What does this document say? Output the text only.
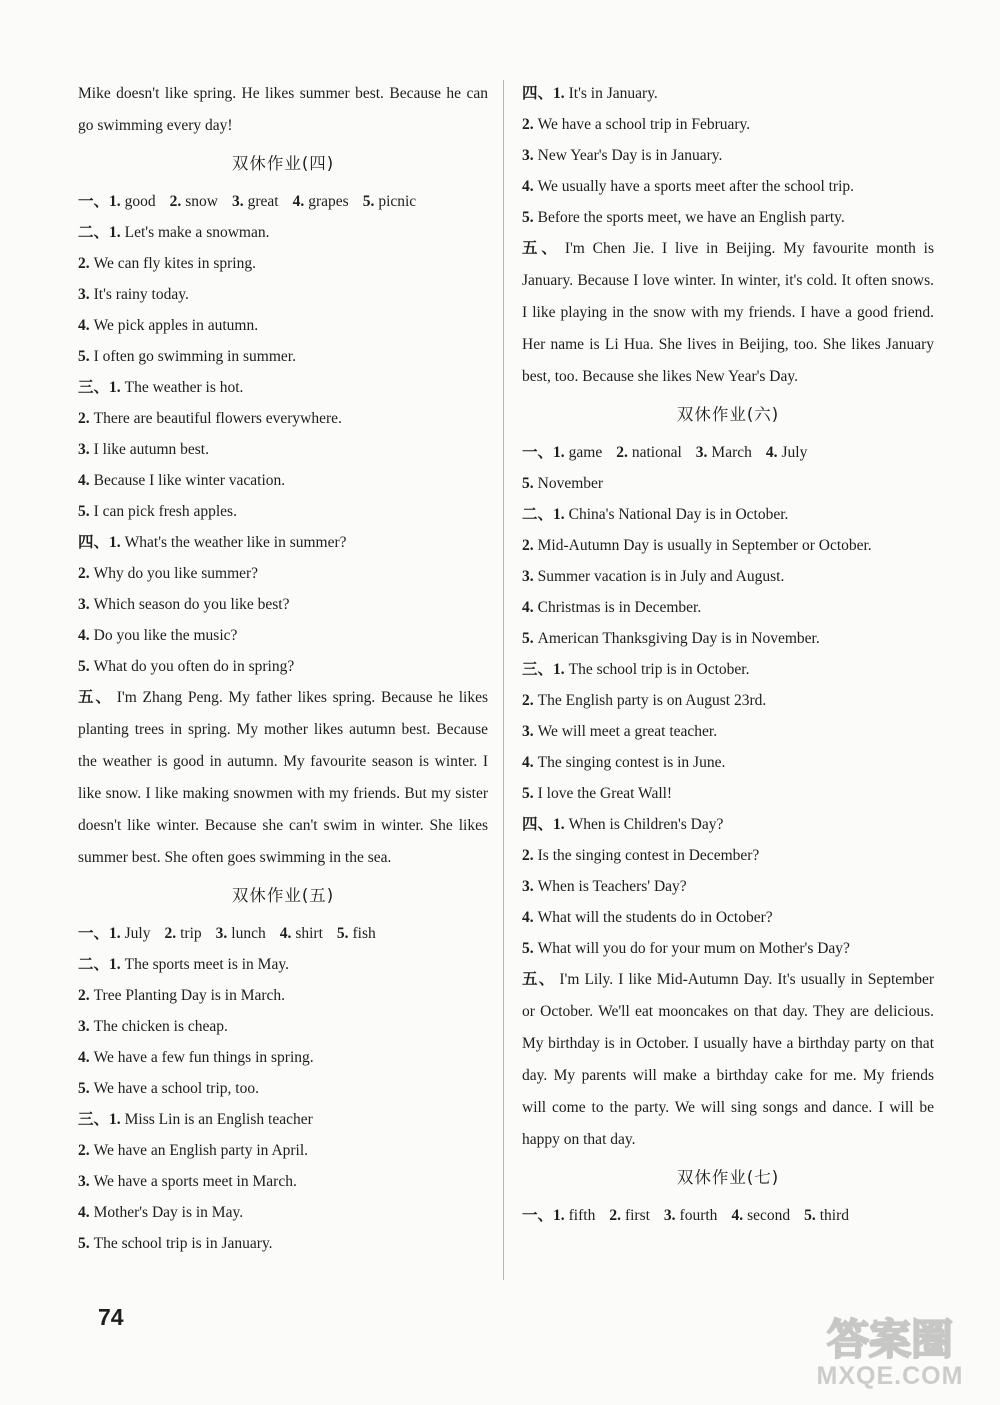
Mike doesn't like spring. He likes summer best. Because he can go swimming every day!
双休作业(四)
一、1. good 2. snow 3. great 4. grapes 5. picnic
二、1. Let's make a snowman.
2. We can fly kites in spring.
3. It's rainy today.
4. We pick apples in autumn.
5. I often go swimming in summer.
三、1. The weather is hot.
2. There are beautiful flowers everywhere.
3. I like autumn best.
4. Because I like winter vacation.
5. I can pick fresh apples.
四、1. What's the weather like in summer?
2. Why do you like summer?
3. Which season do you like best?
4. Do you like the music?
5. What do you often do in spring?
五、 I'm Zhang Peng. My father likes spring. Because he likes planting trees in spring. My mother likes autumn best. Because the weather is good in autumn. My favourite season is winter. I like snow. I like making snowmen with my friends. But my sister doesn't like winter. Because she can't swim in winter. She likes summer best. She often goes swimming in the sea.
双休作业(五)
一、1. July 2. trip 3. lunch 4. shirt 5. fish
二、1. The sports meet is in May.
2. Tree Planting Day is in March.
3. The chicken is cheap.
4. We have a few fun things in spring.
5. We have a school trip, too.
三、1. Miss Lin is an English teacher
2. We have an English party in April.
3. We have a sports meet in March.
4. Mother's Day is in May.
5. The school trip is in January.
四、1. It's in January.
2. We have a school trip in February.
3. New Year's Day is in January.
4. We usually have a sports meet after the school trip.
5. Before the sports meet, we have an English party.
五、 I'm Chen Jie. I live in Beijing. My favourite month is January. Because I love winter. In winter, it's cold. It often snows. I like playing in the snow with my friends. I have a good friend. Her name is Li Hua. She lives in Beijing, too. She likes January best, too. Because she likes New Year's Day.
双休作业(六)
一、1. game 2. national 3. March 4. July
5. November
二、1. China's National Day is in October.
2. Mid-Autumn Day is usually in September or October.
3. Summer vacation is in July and August.
4. Christmas is in December.
5. American Thanksgiving Day is in November.
三、1. The school trip is in October.
2. The English party is on August 23rd.
3. We will meet a great teacher.
4. The singing contest is in June.
5. I love the Great Wall!
四、1. When is Children's Day?
2. Is the singing contest in December?
3. When is Teachers' Day?
4. What will the students do in October?
5. What will you do for your mum on Mother's Day?
五、 I'm Lily. I like Mid-Autumn Day. It's usually in September or October. We'll eat mooncakes on that day. They are delicious. My birthday is in October. I usually have a birthday party on that day. My parents will make a birthday cake for me. My friends will come to the party. We will sing songs and dance. I will be happy on that day.
双休作业(七)
一、1. fifth 2. first 3. fourth 4. second 5. third
74	答案圈
MXQE.COM
